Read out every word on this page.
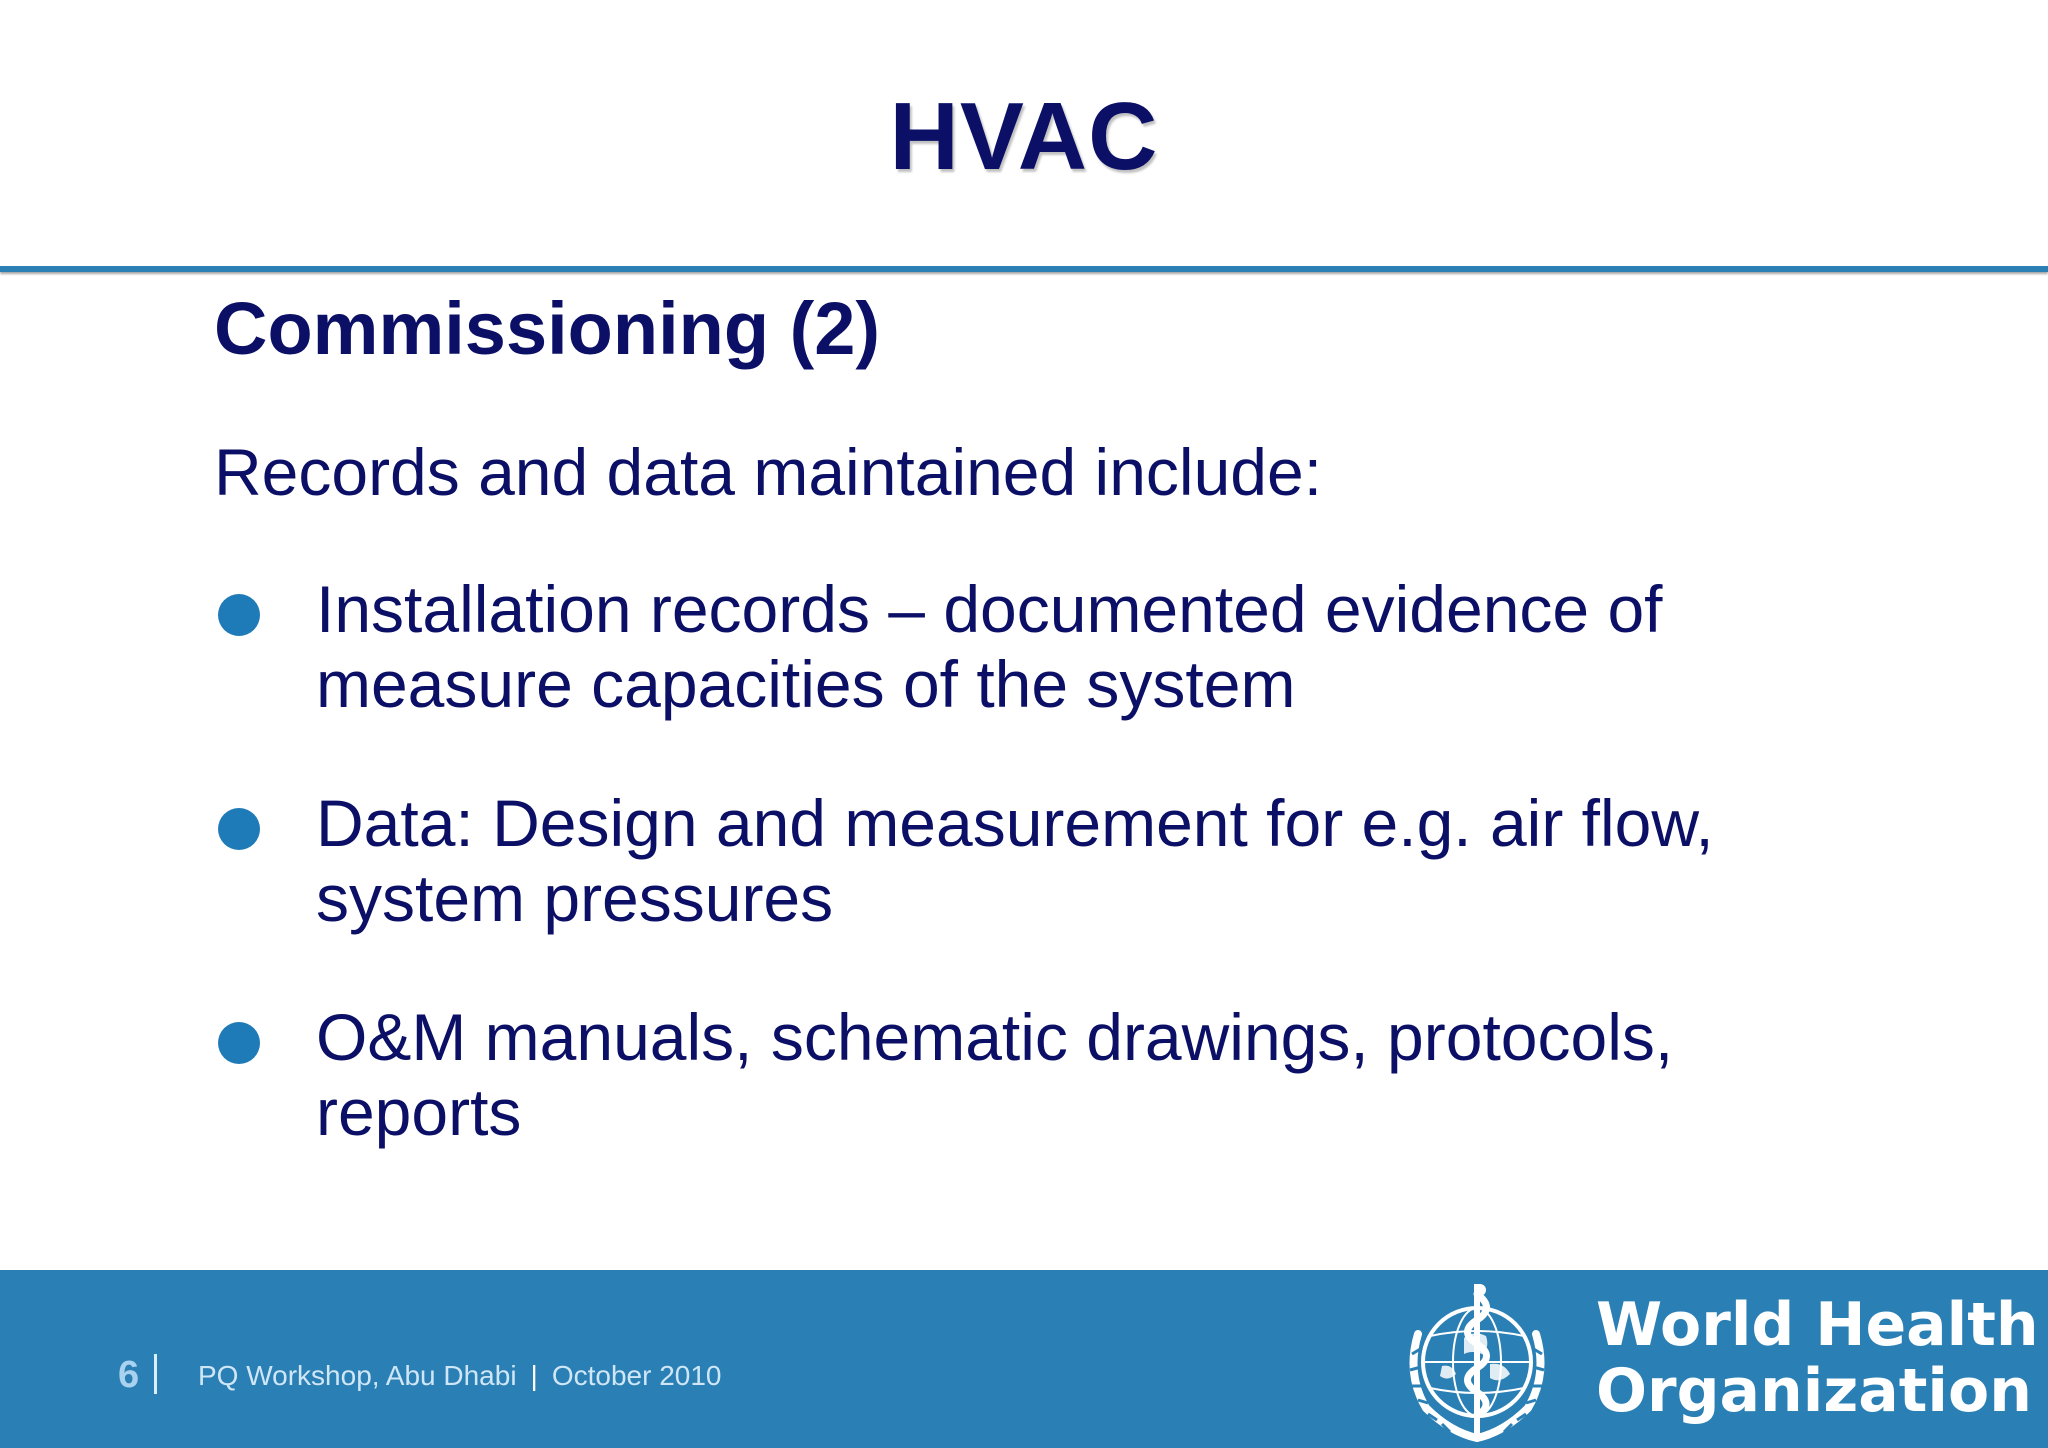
HVAC
Commissioning (2)
Records and data maintained include:
Installation records – documented evidence of
measure capacities of the system
Data: Design and measurement for e.g. air flow,
system pressures
O&M manuals, schematic drawings, protocols,
reports
6 PQ Workshop, Abu Dhabi | October 2010
World Health
Organization
